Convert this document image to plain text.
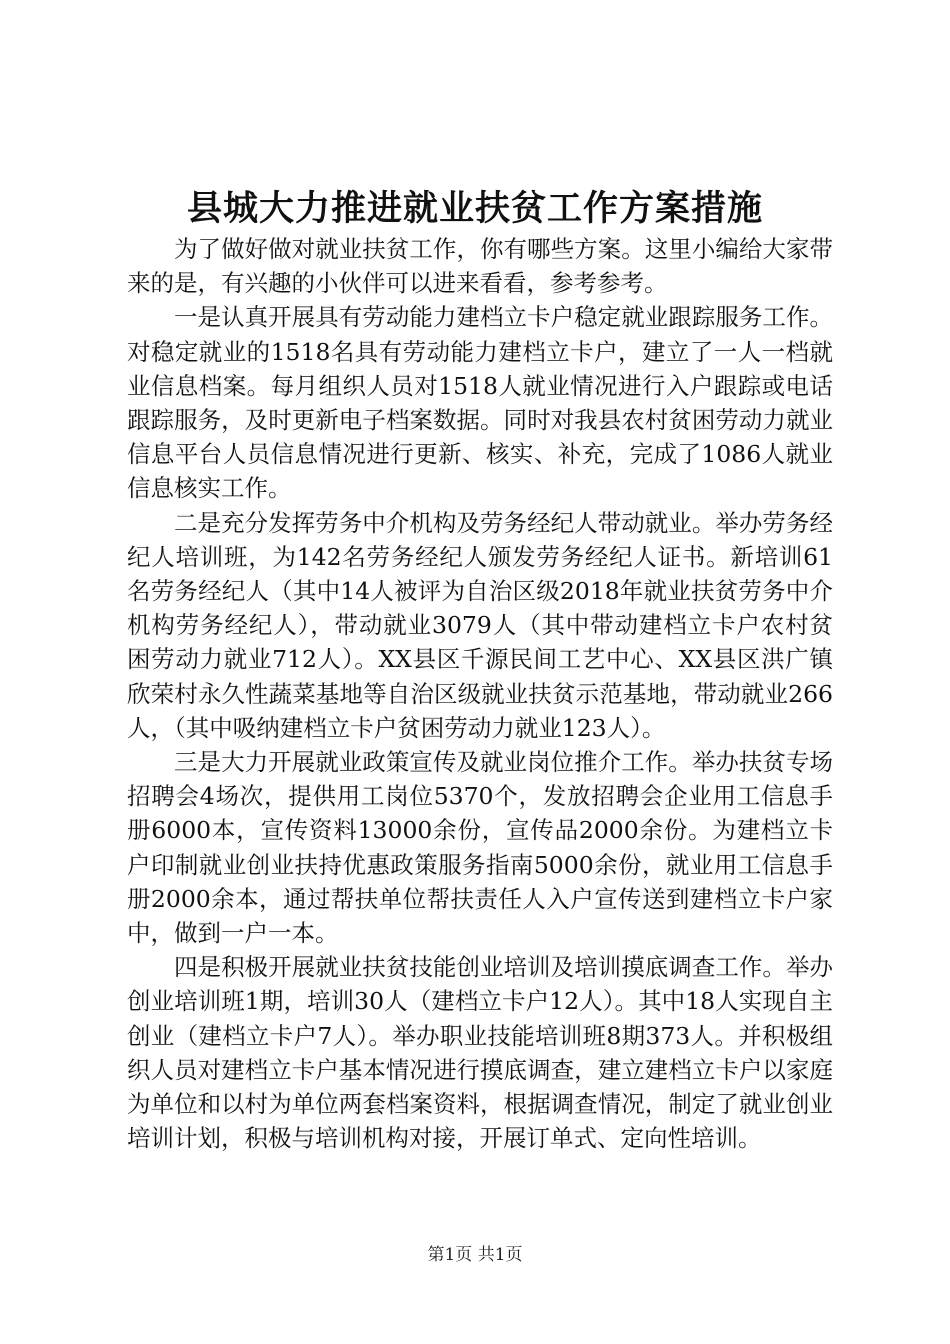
县城大力推进就业扶贫工作方案措施

为了做好做对就业扶贫工作，你有哪些方案。这里小编给大家带来的是，有兴趣的小伙伴可以进来看看，参考参考。

一是认真开展具有劳动能力建档立卡户稳定就业跟踪服务工作。对稳定就业的1518名具有劳动能力建档立卡户，建立了一人一档就业信息档案。每月组织人员对1518人就业情况进行入户跟踪或电话跟踪服务，及时更新电子档案数据。同时对我县农村贫困劳动力就业信息平台人员信息情况进行更新、核实、补充，完成了1086人就业信息核实工作。

二是充分发挥劳务中介机构及劳务经纪人带动就业。举办劳务经纪人培训班，为142名劳务经纪人颁发劳务经纪人证书。新培训61名劳务经纪人（其中14人被评为自治区级2018年就业扶贫劳务中介机构劳务经纪人），带动就业3079人（其中带动建档立卡户农村贫困劳动力就业712人）。XX县区千源民间工艺中心、XX县区洪广镇欣荣村永久性蔬菜基地等自治区级就业扶贫示范基地，带动就业266人，（其中吸纳建档立卡户贫困劳动力就业123人）。

三是大力开展就业政策宣传及就业岗位推介工作。举办扶贫专场招聘会4场次，提供用工岗位5370个，发放招聘会企业用工信息手册6000本，宣传资料13000余份，宣传品2000余份。为建档立卡户印制就业创业扶持优惠政策服务指南5000余份，就业用工信息手册2000余本，通过帮扶单位帮扶责任人入户宣传送到建档立卡户家中，做到一户一本。

四是积极开展就业扶贫技能创业培训及培训摸底调查工作。举办创业培训班1期，培训30人（建档立卡户12人）。其中18人实现自主创业（建档立卡户7人）。举办职业技能培训班8期373人。并积极组织人员对建档立卡户基本情况进行摸底调查，建立建档立卡户以家庭为单位和以村为单位两套档案资料，根据调查情况，制定了就业创业培训计划，积极与培训机构对接，开展订单式、定向性培训。

第1页 共1页
